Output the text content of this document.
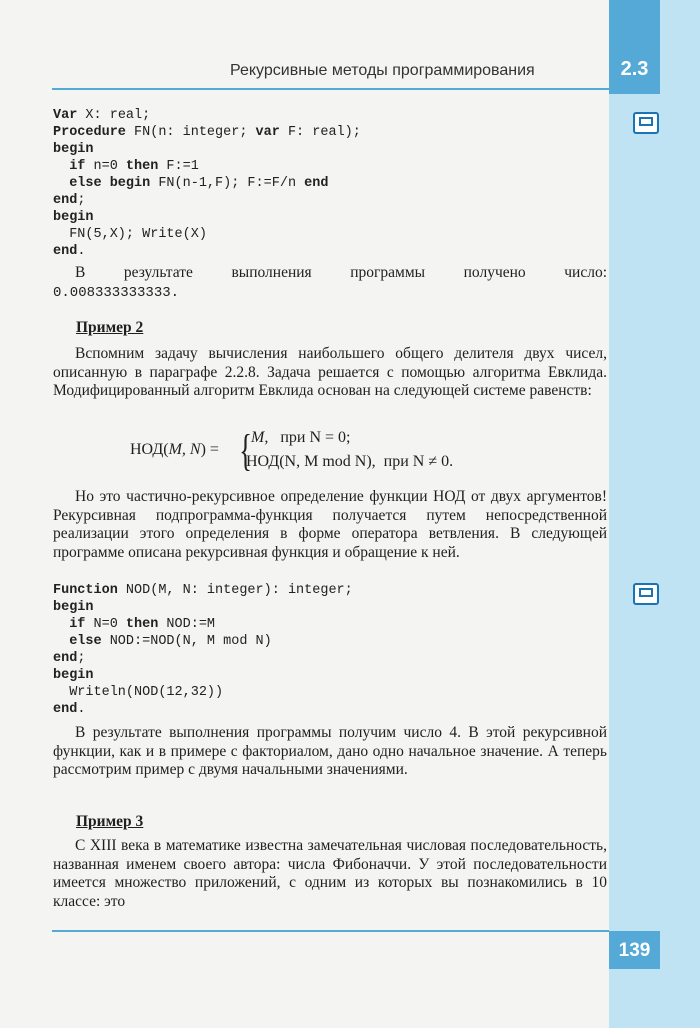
2.3
Рекурсивные методы программирования
Var X: real;
Procedure FN(n: integer; var F: real);
begin
if n=0 then F:=1
else begin FN(n-1,F); F:=F/n end
end;
begin
FN(5,X); Write(X)
end.
В результате выполнения программы получено число:
0.008333333333.
Пример 2
Вспомним задачу вычисления наибольшего общего делителя двух чисел, описанную в параграфе 2.2.8. Задача решается с помощью алгоритма Евклида. Модифицированный алгоритм Евклида основан на следующей системе равенств:
НОД(M, N) = { M, при N = 0;
НОД(N, M mod N), при N ≠ 0.
Но это частично-рекурсивное определение функции НОД от двух аргументов! Рекурсивная подпрограмма-функция получается путем непосредственной реализации этого определения в форме оператора ветвления. В следующей программе описана рекурсивная функция и обращение к ней.
Function NOD(M, N: integer): integer;
begin
if N=0 then NOD:=M
else NOD:=NOD(N, M mod N)
end;
begin
Writeln(NOD(12,32))
end.
В результате выполнения программы получим число 4. В этой рекурсивной функции, как и в примере с факториалом, дано одно начальное значение. А теперь рассмотрим пример с двумя начальными значениями.
Пример 3
С XIII века в математике известна замечательная числовая последовательность, названная именем своего автора: числа Фибоначчи. У этой последовательности имеется множество приложений, с одним из которых вы познакомились в 10 классе: это
139
